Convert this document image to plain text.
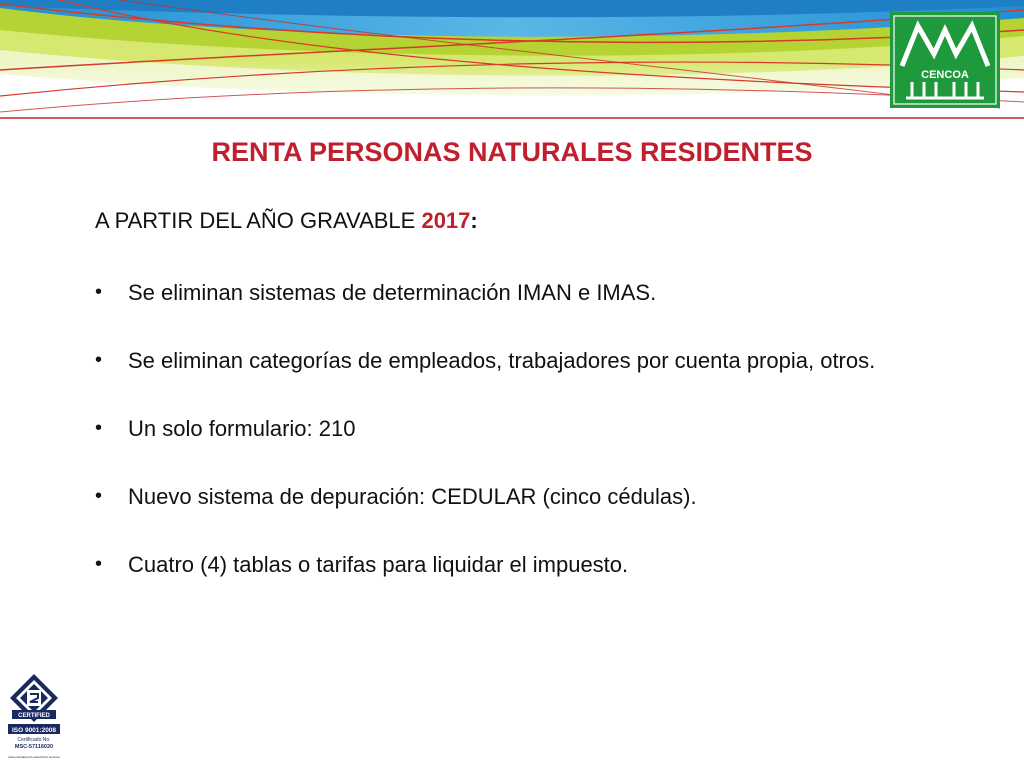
CENCOA
RENTA PERSONAS NATURALES RESIDENTES
A PARTIR DEL AÑO GRAVABLE 2017:
•	Se eliminan sistemas de determinación IMAN e IMAS.
•	Se eliminan categorías de empleados, trabajadores por cuenta propia, otros.
•	Un solo formulario: 210
•	Nuevo sistema de depuración: CEDULAR (cinco cédulas).
•	Cuatro (4) tablas o tarifas para liquidar el impuesto.
CERTIFIED
ISO 9001:2008
Certificado No.
MSC-57116020
www.certidata.info www.fbcert.services
